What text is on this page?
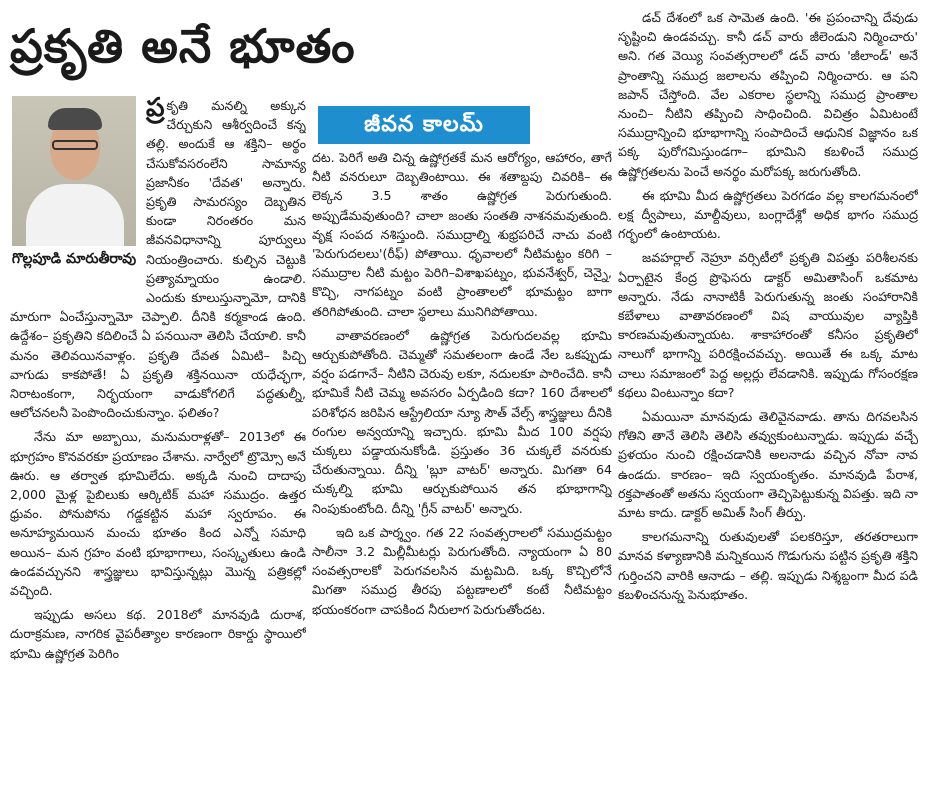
ప్రకృతి అనే భూతం
జీవన కాలమ్
గొల్లపూడి మారుతీరావు

ప్ర కృతి మనల్ని అక్కున చేర్చుకుని ఆశీర్వదించే కన్న తల్లి. అందుకే ఆ శక్తిని– అర్థం చేసుకోవసరంలేని సామాన్య ప్రజానీకం 'దేవత' అన్నారు. ప్రకృతి సామరస్యం దెబ్బతిన కుండా నిరంతరం మన జీవనవిధానాన్ని పూర్వులు నియంత్రించారు. కుల్చిన చెట్టుకి ప్రత్యామ్నాయం ఉండాలి. ఎందుకు కూలుస్తున్నామో, దానికి మారుగా ఏంచేస్తున్నామో చెప్పాలి. దీనికి కర్మకాండ ఉంది. ఉద్దేశం– ప్రకృతిని కదిలించే ఏ పనయినా తెలిసి చేయాలి. కానీ మనం తెలివయినవాళ్లం. ప్రకృతి దేవత ఏమిటి– పిచ్చి వాగుడు కాకపోతే! ఏ ప్రకృతి శక్తినయినా యధేచ్ఛగా, నిరాటంకంగా, నిర్భయంగా వాడుకోగలిగే పద్ధతుల్నీ, ఆలోచనలనీ పెంపొందించుకున్నాం. ఫలితం?

నేను మా అబ్బాయి, మనుమరాళ్లతో– 2013లో ఈ భూగ్రహం కొనవరకూ ప్రయాణం చేశాను. నార్వేలో ట్రొమ్సో అనే ఊరు. ఆ తర్వాత భూమిలేదు. అక్కడి నుంచి దాదాపు 2,000 మైళ్ల పైబిలుకు ఆర్కిటిక్ మహా సముద్రం. ఉత్తర ధ్రువం. పోనుపోను గడ్డకట్టిన మహా స్వరూపం. ఈ అనూహ్యమయిన మంచు భూతం కింద ఎన్నో సమాధి అయిన– మన గ్రహం వంటి భూభాగాలు, సంస్కృతులు ఉండి ఉండవచ్చునని శాస్త్రజ్ఞులు భావిస్తున్నట్లు మొన్న పత్రికల్లో వచ్చింది.

ఇప్పుడు అసలు కథ. 2018లో మానవుడి దురాశ, దురాక్రమణ, నాగరిక వైపరీత్యాల కారణంగా రికార్డు స్థాయిలో భూమి ఉష్ణోగ్రత పెరిగిం

దట. పెరిగే అతి చిన్న ఉష్ణోగ్రతకే మన ఆరోగ్యం, ఆహారం, తాగే నీటి వనరులూ దెబ్బతింటాయి. ఈ శతాబ్దపు చివరికి– ఈ లెక్కన 3.5 శాతం ఉష్ణోగ్రత పెరుగుతుంది. అప్పుడేమవుతుంది? చాలా జంతు సంతతి నాశనమవుతుంది. వృక్ష సంపద నశిస్తుంది. సముద్రాల్ని శుభ్రపరిచే నాచు వంటి 'పెరుగుదలలు'(రీఫ్) పోతాయి. ధృవాలలో నీటిమట్టం కరిగి –సముద్రాల నీటి మట్టం పెరిగి–విశాఖపట్నం, భువనేశ్వర్, చెన్నై, కొచ్చి, నాగపట్నం వంటి ప్రాంతాలలో భూమట్టం బాగా తరిగిపోతుంది. చాలా స్థలాలు మునిగిపోతాయి.

వాతావరణంలో ఉష్ణోగ్రత పెరుగుదలవల్ల భూమి ఆర్చుకుపోతోంది. చెమ్మతో సమతలంగా ఉండే నేల ఒకప్పుడు వర్షం పడగానే– నీటిని చెరువు లకూ, నదులకూ పారించేది. కానీ భూమికే నీటి చెమ్మ అవసరం ఏర్పడింది కదా? 160 దేశాలలో పరిశోధన జరిపిన ఆస్ట్రేలియా న్యూ సౌత్ వేల్స్ శాస్త్రజ్ఞులు దీనికి రంగుల అన్వయాన్ని ఇచ్చారు. భూమి మీద 100 వర్షపు చుక్కలు పడ్డాయనుకోండి. ప్రస్తుతం 36 చుక్కలే వనరుకు చేరుతున్నాయి. దీన్ని 'బ్లూ వాటర్' అన్నారు. మిగతా 64 చుక్కల్ని భూమి ఆర్చుకుపోయిన తన భూభాగాన్ని నింపుకుంటోంది. దీన్ని 'గ్రీన్ వాటర్' అన్నారు.

ఇది ఒక పార్శ్వం. గత 22 సంవత్సరాలలో సముద్రమట్టం సాలీనా 3.2 మిల్లీమీటర్లు పెరుగుతోంది. న్యాయంగా ఏ 80 సంవత్సరాలకో పెరుగవలసిన మట్టమిది. ఒక్క కొచ్చిలోనే మిగతా సముద్ర తీరపు పట్టణాలలో కంటే నీటిమట్టం భయంకరంగా చాపకింద నీరులాగ పెరుగుతోందట.

డచ్ దేశంలో ఒక సామెత ఉంది. 'ఈ ప్రపంచాన్ని దేవుడు సృష్టించి ఉండవచ్చు. కానీ డచ్ వారు జీలెండుని నిర్మించారు' అని. గత వెయ్యి సంవత్సరాలలో డచ్ వారు 'జీలాండ్' అనే ప్రాంతాన్ని సముద్ర జలాలను తప్పించి నిర్మించారు. ఆ పని జపాన్ చేస్తోంది. వేల ఎకరాల స్థలాన్ని సముద్ర ప్రాంతాల నుంచి– నీటిని తప్పించి సాధించింది. విచిత్రం ఏమిటంటే సముద్రాన్నించి భూభాగాన్ని సంపాదించే ఆధునిక విజ్ఞానం ఒక పక్క పురోగమిస్తుండగా– భూమిని కబళించే సముద్ర ఉష్ణోగ్రతలను పెంచే అనర్థం మరోపక్క జరుగుతోంది.

ఈ భూమి మీద ఉష్ణోగ్రతలు పెరగడం వల్ల కాలగమనంలో లక్ష ద్వీపాలు, మాల్దీవులు, బంగ్లాదేశ్లో అధిక భాగం సముద్ర గర్భంలో ఉంటాయట.

జవహర్లాల్ నెహ్రూ వర్సిటీలో ప్రకృతి విపత్తు పరిశీలనకు ఏర్పాటైన కేంద్ర ప్రొఫెసరు డాక్టర్ అమితాసింగ్ ఒకమాట అన్నారు. నేడు నానాటికీ పెరుగుతున్న జంతు సంహారానికి కబేళాలు వాతావరణంలో విష వాయువుల వ్యాప్తికి కారణమవుతున్నాయట. శాకాహారంతో కనీసం ప్రకృతిలో నాలుగో భాగాన్ని పరిరక్షించవచ్చు. అయితే ఈ ఒక్క మాట చాలు సమాజంలో పెద్ద అల్లర్లు లేవడానికి. ఇప్పుడు గోసంరక్షణ కథలు వింటున్నాం కదా?

ఏమయినా మానవుడు తెలివైనవాడు. తాను దిగవలసిన గోతిని తానే తెలిసి తెలిసి తవ్వుకుంటున్నాడు. ఇప్పుడు వచ్చే ప్రళయం నుంచి రక్షించడానికి అలనాడు వచ్చిన నోవా నావ ఉండదు. కారణం– ఇది స్వయంకృతం. మానవుడి పేరాశ, రక్తపాతంతో అతను స్వయంగా తెచ్చిపెట్టుకున్న విపత్తు. ఇది నా మాట కాదు. డాక్టర్ అమిత్ సింగ్ తీర్పు.

కాలగమనాన్ని రుతువులతో పలకరిస్తూ, తరతరాలుగా మానవ కళ్యాణానికి మన్నికయిన గొడుగును పట్టిన ప్రకృతి శక్తిని గుర్తించని వారికి ఆనాడు – తల్లి. ఇప్పుడు నిశ్శబ్దంగా మీద పడి కబళించనున్న పెనుభూతం.
